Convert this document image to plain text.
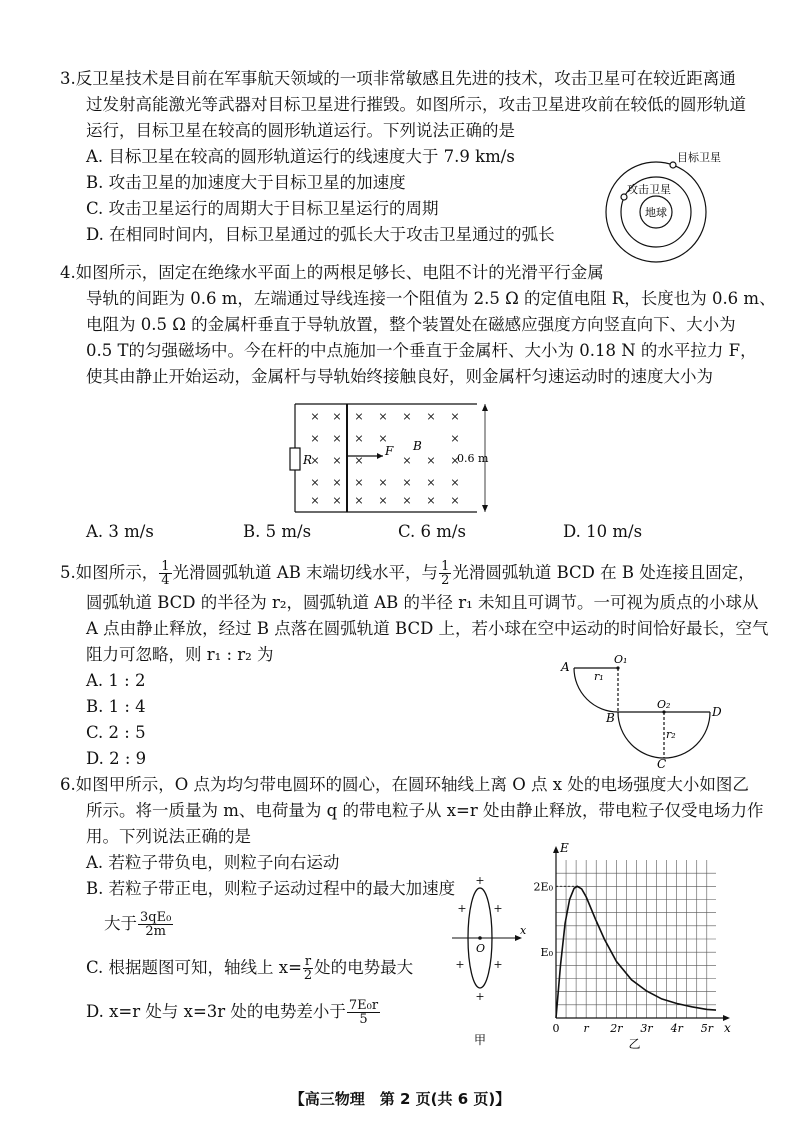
3.反卫星技术是目前在军事航天领域的一项非常敏感且先进的技术，攻击卫星可在较近距离通
过发射高能激光等武器对目标卫星进行摧毁。如图所示，攻击卫星进攻前在较低的圆形轨道
运行，目标卫星在较高的圆形轨道运行。下列说法正确的是
A. 目标卫星在较高的圆形轨道运行的线速度大于 7.9 km/s
B. 攻击卫星的加速度大于目标卫星的加速度
C. 攻击卫星运行的周期大于目标卫星运行的周期
D. 在相同时间内，目标卫星通过的弧长大于攻击卫星通过的弧长
目标卫星
攻击卫星
地球
4.如图所示，固定在绝缘水平面上的两根足够长、电阻不计的光滑平行金属
导轨的间距为 0.6 m，左端通过导线连接一个阻值为 2.5 Ω 的定值电阻 R，长度也为 0.6 m、
电阻为 0.5 Ω 的金属杆垂直于导轨放置，整个装置处在磁感应强度方向竖直向下、大小为
0.5 T的匀强磁场中。今在杆的中点施加一个垂直于金属杆、大小为 0.18 N 的水平拉力 F，
使其由静止开始运动，金属杆与导轨始终接触良好，则金属杆匀速运动时的速度大小为
× × × × × × ×
× × × ×	×
× × ×	× × ×
× × × × × × ×
× × × × × × ×
R
F B
0.6 m
A. 3 m/s	B. 5 m/s	C. 6 m/s	D. 10 m/s
5.如图所示， $\frac{1}{4}$ 光滑圆弧轨道 AB 末端切线水平，与 $\frac{1}{2}$ 光滑圆弧轨道 BCD 在 B 处连接且固定，
圆弧轨道 BCD 的半径为 r₂，圆弧轨道 AB 的半径 r₁ 未知且可调节。一可视为质点的小球从
A 点由静止释放，经过 B 点落在圆弧轨道 BCD 上，若小球在空中运动的时间恰好最长，空气
阻力可忽略，则 r₁ : r₂ 为
A. 1 : 2
B. 1 : 4
C. 2 : 5
D. 2 : 9
A
O₁
r₁
O₂
D
B
r₂
C
6.如图甲所示，O 点为均匀带电圆环的圆心，在圆环轴线上离 O 点 x 处的电场强度大小如图乙
所示。将一质量为 m、电荷量为 q 的带电粒子从 x=r 处由静止释放，带电粒子仅受电场力作
用。下列说法正确的是
A. 若粒子带负电，则粒子向右运动
B. 若粒子带正电，则粒子运动过程中的最大加速度
大于 $\frac{\text{3qE₀}}{2m}$
C. 根据题图可知，轴线上 $x= \frac{r}{2}$ 处的电势最大
D. x=r 处与 x=3r 处的电势差小于 $\frac{\text{7E₀r}}{5}$
+
+ +
+	+
+
O
x
甲
0 r 2r 3r 4r 5r
E₀
2E₀
E
x
乙
【高三物理　第 2 页(共 6 页)】
